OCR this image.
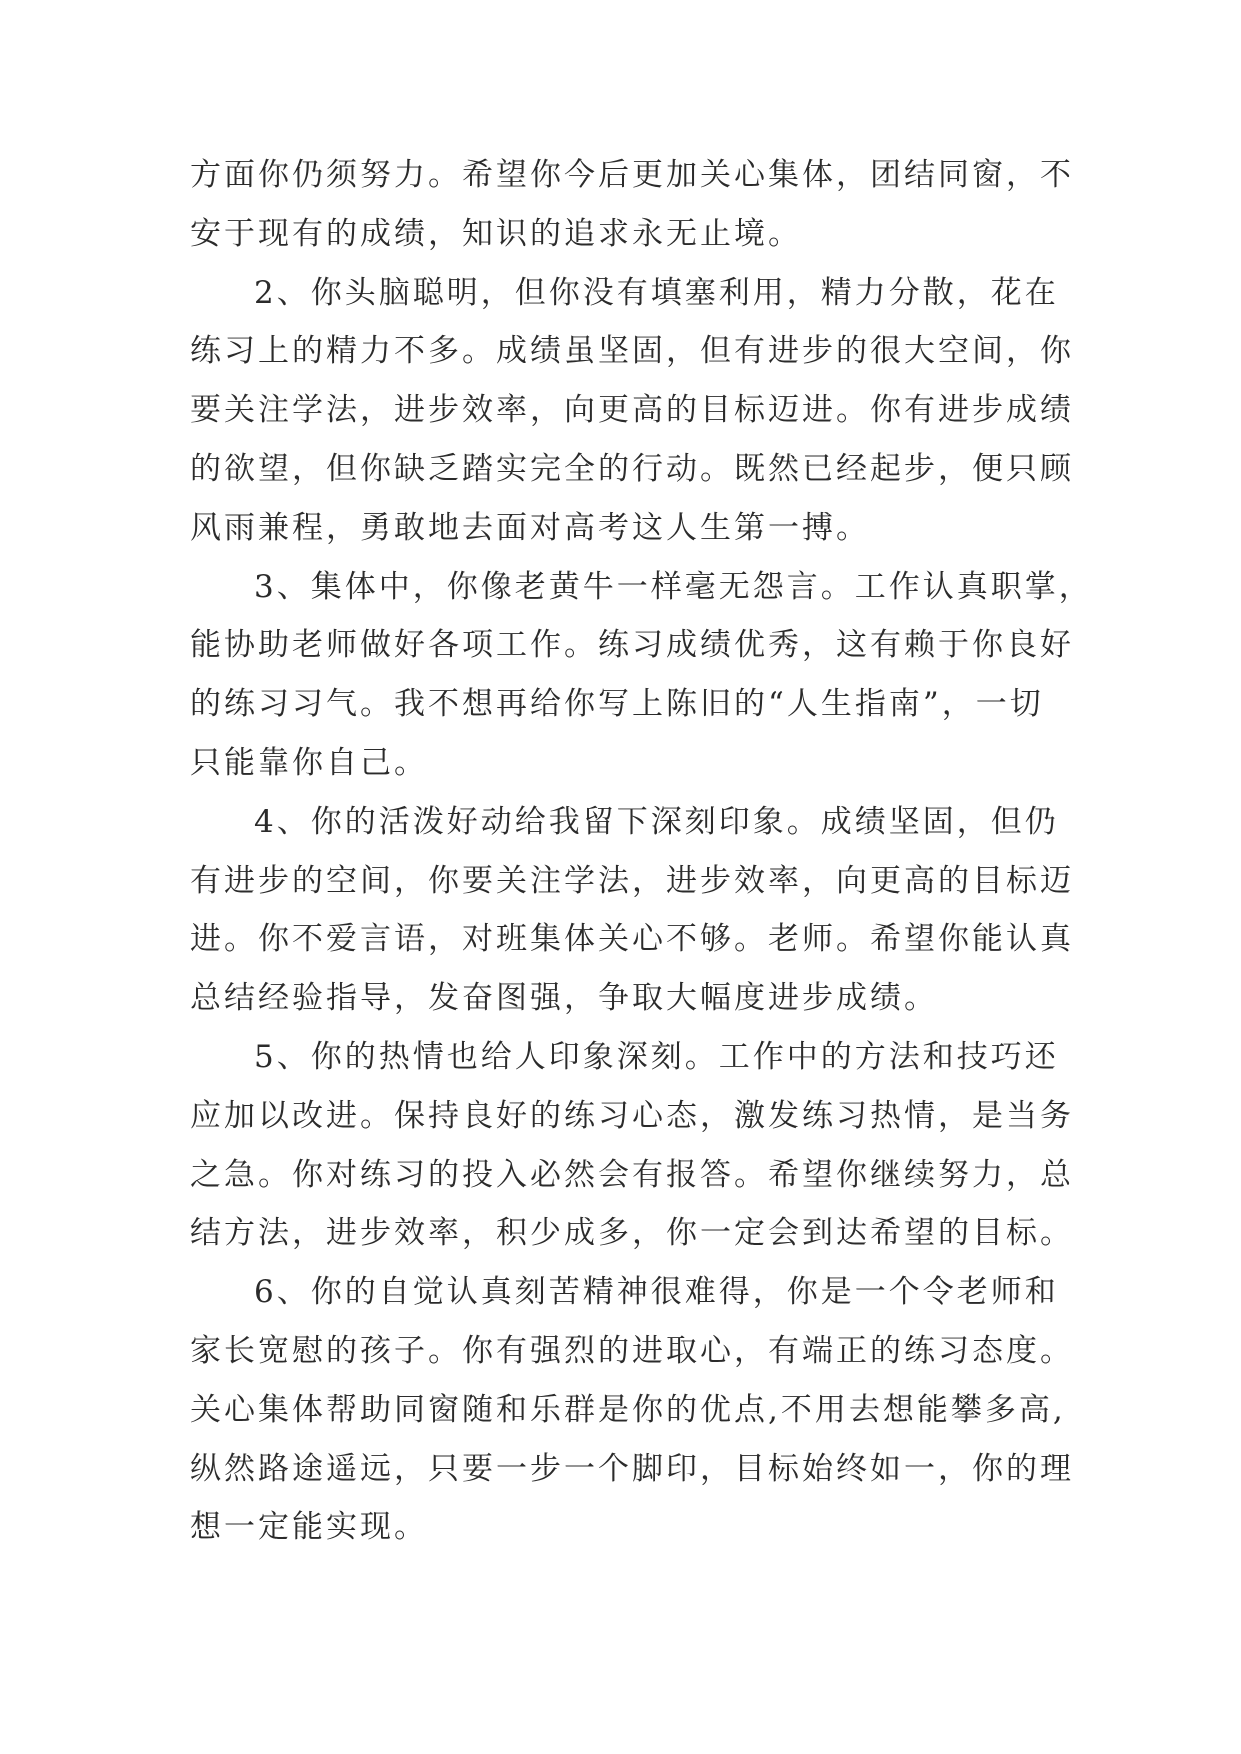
方面你仍须努力。希望你今后更加关心集体，团结同窗，不
安于现有的成绩，知识的追求永无止境。
2、你头脑聪明，但你没有填塞利用，精力分散，花在
练习上的精力不多。成绩虽坚固，但有进步的很大空间，你
要关注学法，进步效率，向更高的目标迈进。你有进步成绩
的欲望，但你缺乏踏实完全的行动。既然已经起步，便只顾
风雨兼程，勇敢地去面对高考这人生第一搏。
3、集体中，你像老黄牛一样毫无怨言。工作认真职掌，
能协助老师做好各项工作。练习成绩优秀，这有赖于你良好
的练习习气。我不想再给你写上陈旧的“人生指南”，一切
只能靠你自己。
4、你的活泼好动给我留下深刻印象。成绩坚固，但仍
有进步的空间，你要关注学法，进步效率，向更高的目标迈
进。你不爱言语，对班集体关心不够。老师。希望你能认真
总结经验指导，发奋图强，争取大幅度进步成绩。
5、你的热情也给人印象深刻。工作中的方法和技巧还
应加以改进。保持良好的练习心态，激发练习热情，是当务
之急。你对练习的投入必然会有报答。希望你继续努力，总
结方法，进步效率，积少成多，你一定会到达希望的目标。
6、你的自觉认真刻苦精神很难得，你是一个令老师和
家长宽慰的孩子。你有强烈的进取心，有端正的练习态度。
关心集体帮助同窗随和乐群是你的优点,不用去想能攀多高,
纵然路途遥远，只要一步一个脚印，目标始终如一，你的理
想一定能实现。
